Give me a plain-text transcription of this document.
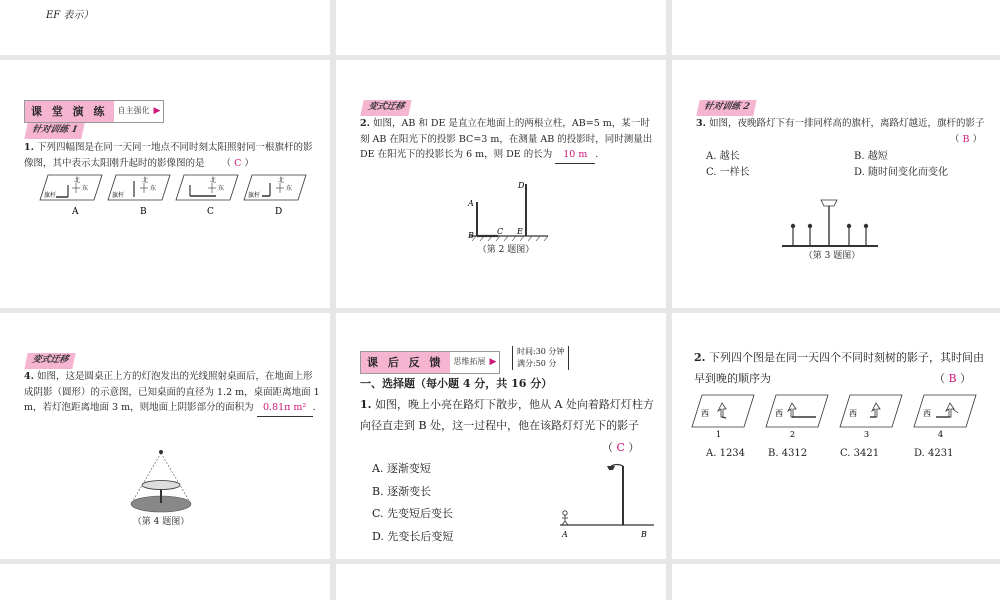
EF 表示）
课 堂 演 练	自主强化 ▶
针对训练 1
1. 下列四幅图是在同一天同一地点不同时刻太阳照射同一根旗杆的影像图，其中表示太阳刚升起时的影像图的是 （ C ）
北
东
旗杆
北
东
旗杆
北
东
北
东
旗杆
A	B	C	D
变式迁移
2. 如图，AB 和 DE 是直立在地面上的两根立柱，AB=5 m，某一时刻 AB 在阳光下的投影 BC=3 m，在测量 AB 的投影时，同时测量出 DE 在阳光下的投影长为 6 m，则 DE 的长为 10 m .
A
B	C
D
E
（第 2 题图）
针对训练 2
3. 如图，夜晚路灯下有一排同样高的旗杆，离路灯越近，旗杆的影子
（ B ）
A. 越长	B. 越短
C. 一样长	D. 随时间变化而变化
（第 3 题图）
变式迁移
4. 如图，这是圆桌正上方的灯泡发出的光线照射桌面后，在地面上形成阴影（圆形）的示意图，已知桌面的直径为 1.2 m，桌面距离地面 1 m，若灯泡距离地面 3 m，则地面上阴影部分的面积为 0.81π m² .
（第 4 题图）
课 后 反 馈	思维拓展 ▶
时间:30 分钟
满分:50 分
一、选择题（每小题 4 分，共 16 分）
1. 如图，晚上小亮在路灯下散步，他从 A 处向着路灯灯柱方向径直走到 B 处，这一过程中，他在该路灯灯光下的影子
（ C ）
A. 逐渐变短
B. 逐渐变长
C. 先变短后变长
D. 先变长后变短	A	B
2. 下列四个图是在同一天四个不同时刻树的影子，其时间由早到晚的顺序为	（ B ）
西	西	西	西
1	2	3	4
A. 1234 B. 4312	C. 3421	D. 4231
